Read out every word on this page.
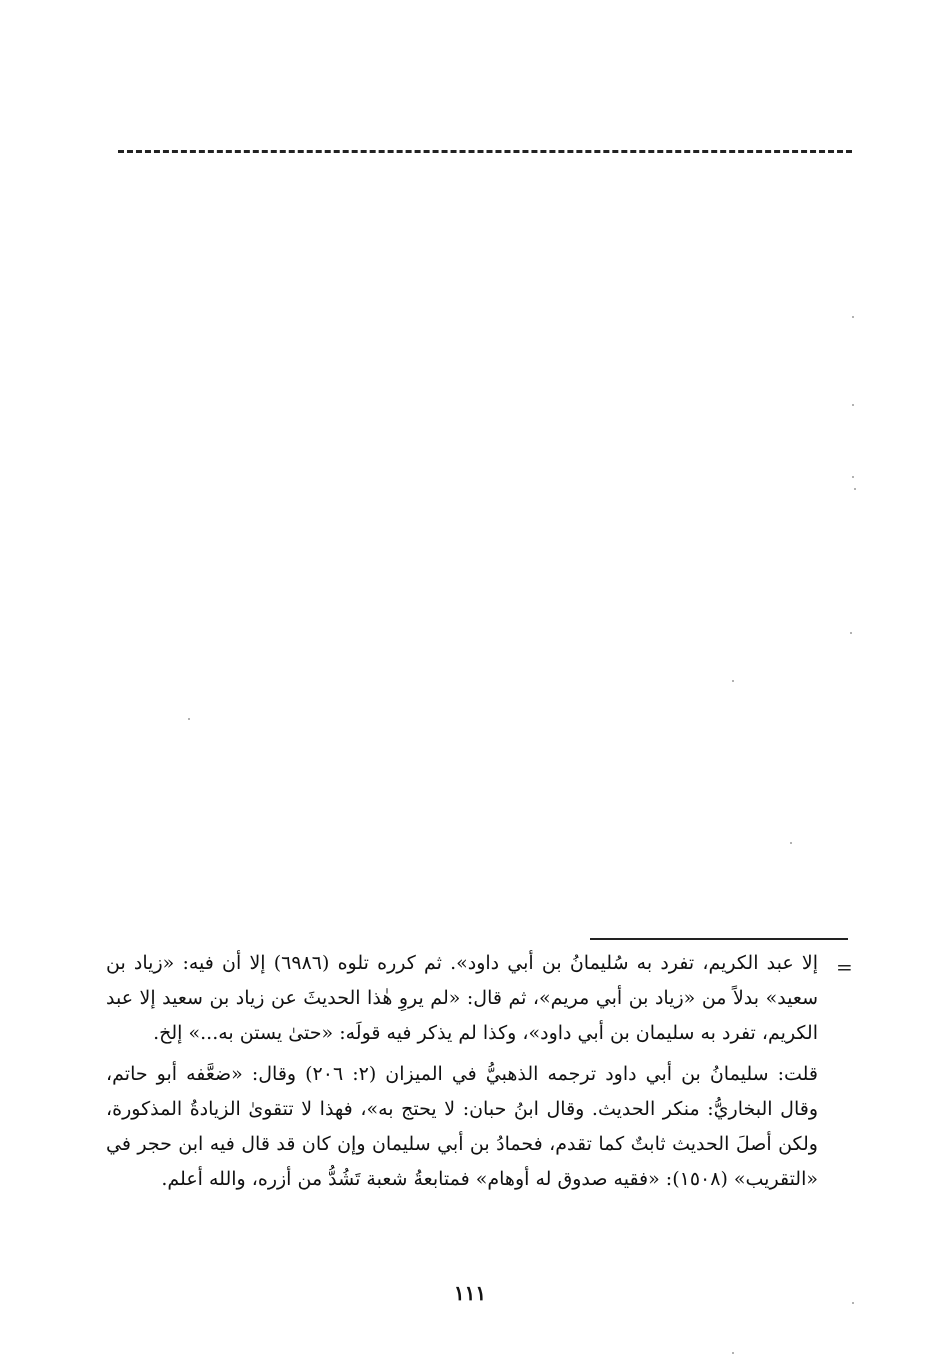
=

إلا عبد الكريم، تفرد به سُليمانُ بن أبي داود». ثم كرره تلوه (٦٩٨٦) إلا أن فيه: «زياد بن سعيد» بدلاً من «زياد بن أبي مريم»، ثم قال: «لم يروِ هٰذا الحديثَ عن زياد بن سعيد إلا عبد الكريم، تفرد به سليمان بن أبي داود»، وكذا لم يذكر فيه قولَه: «حتىٰ يستن به...» إلخ.

قلت: سليمانُ بن أبي داود ترجمه الذهبيُّ في الميزان (٢: ٢٠٦) وقال: «ضعَّفه أبو حاتم، وقال البخاريُّ: منكر الحديث. وقال ابنُ حبان: لا يحتج به»، فهذا لا تتقوىٰ الزيادةُ المذكورة، ولكن أصلَ الحديث ثابتٌ كما تقدم، فحمادُ بن أبي سليمان وإن كان قد قال فيه ابن حجر في «التقريب» (١٥٠٨): «فقيه صدوق له أوهام» فمتابعةُ شعبة تَشُدُّ من أزره، والله أعلم.

١١١
